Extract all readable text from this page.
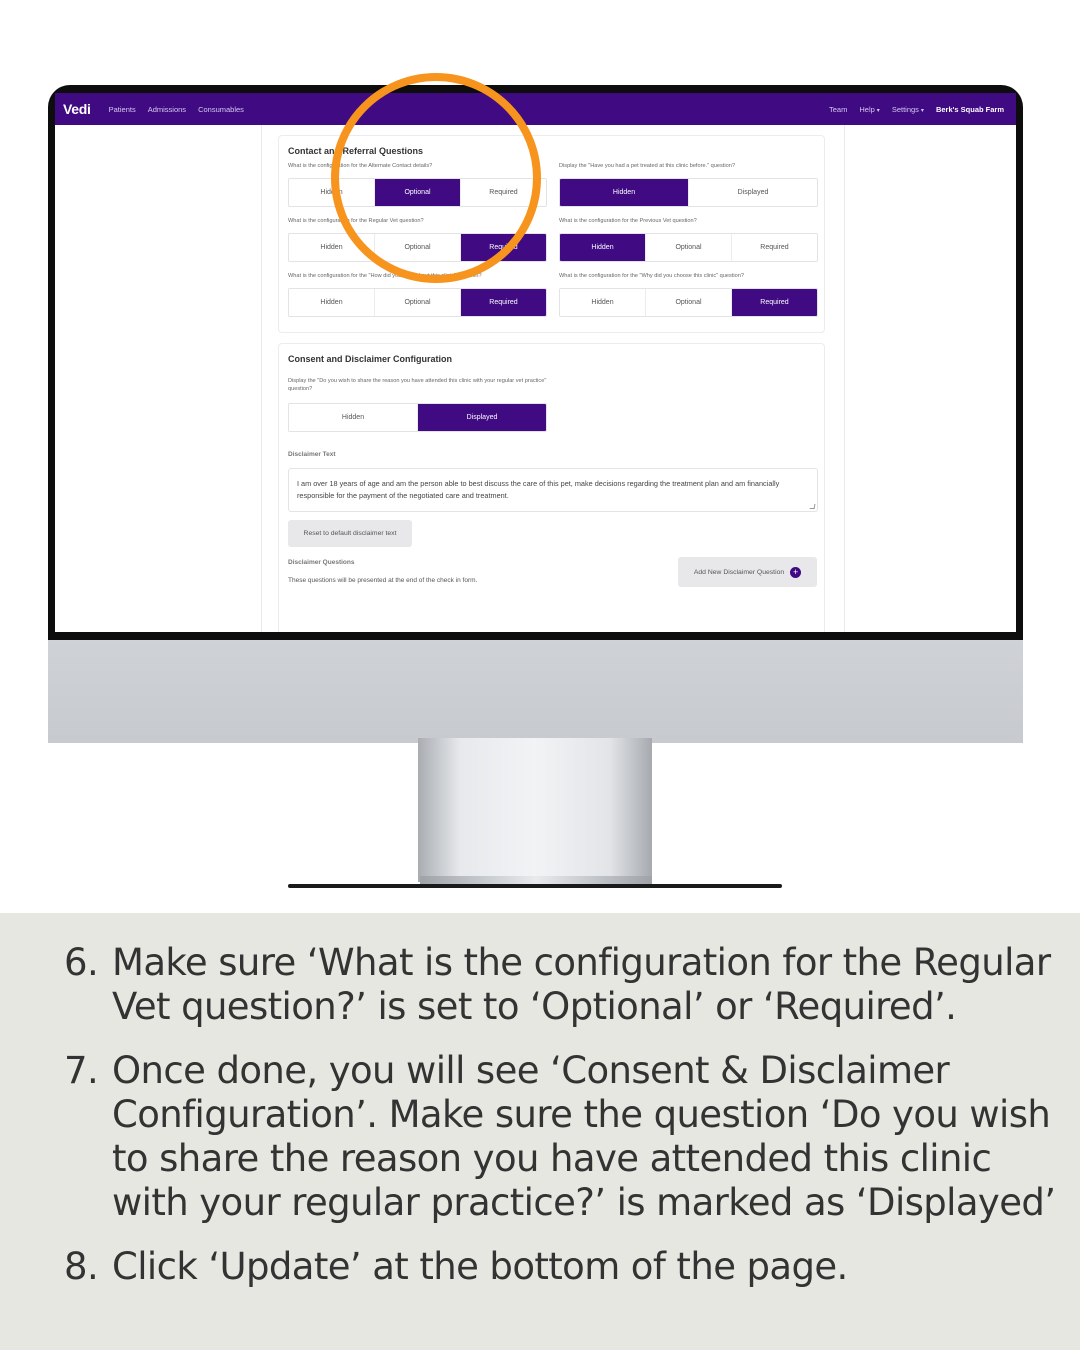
Vedi Patients Admissions Consumables	Team Help ▾ Settings ▾ Berk's Squab Farm
Contact and Referral Questions
What is the configuration for the Alternate Contact details?
Hidden	Optional	Required
Display the "Have you had a pet treated at this clinic before." question?
Hidden	Displayed
What is the configuration for the Regular Vet question?
Hidden	Optional	Required
What is the configuration for the Previous Vet question?
Hidden	Optional	Required
What is the configuration for the "How did you hear about this clinic" question?
Hidden	Optional	Required
What is the configuration for the "Why did you choose this clinic" question?
Hidden	Optional	Required
Consent and Disclaimer Configuration
Display the "Do you wish to share the reason you have attended this clinic with your regular vet practice" question?
Hidden	Displayed
Disclaimer Text
I am over 18 years of age and am the person able to best discuss the care of this pet, make decisions regarding the treatment plan and am financially responsible for the payment of the negotiated care and treatment.
Reset to default disclaimer text
Disclaimer Questions
These questions will be presented at the end of the check in form.
Add New Disclaimer Question +
6. Make sure ‘What is the configuration for the Regular Vet question?’ is set to ‘Optional’ or ‘Required’.
7. Once done, you will see ‘Consent & Disclaimer Configuration’. Make sure the question ‘Do you wish to share the reason you have attended this clinic with your regular practice?’ is marked as ‘Displayed’
8. Click ‘Update’ at the bottom of the page.
